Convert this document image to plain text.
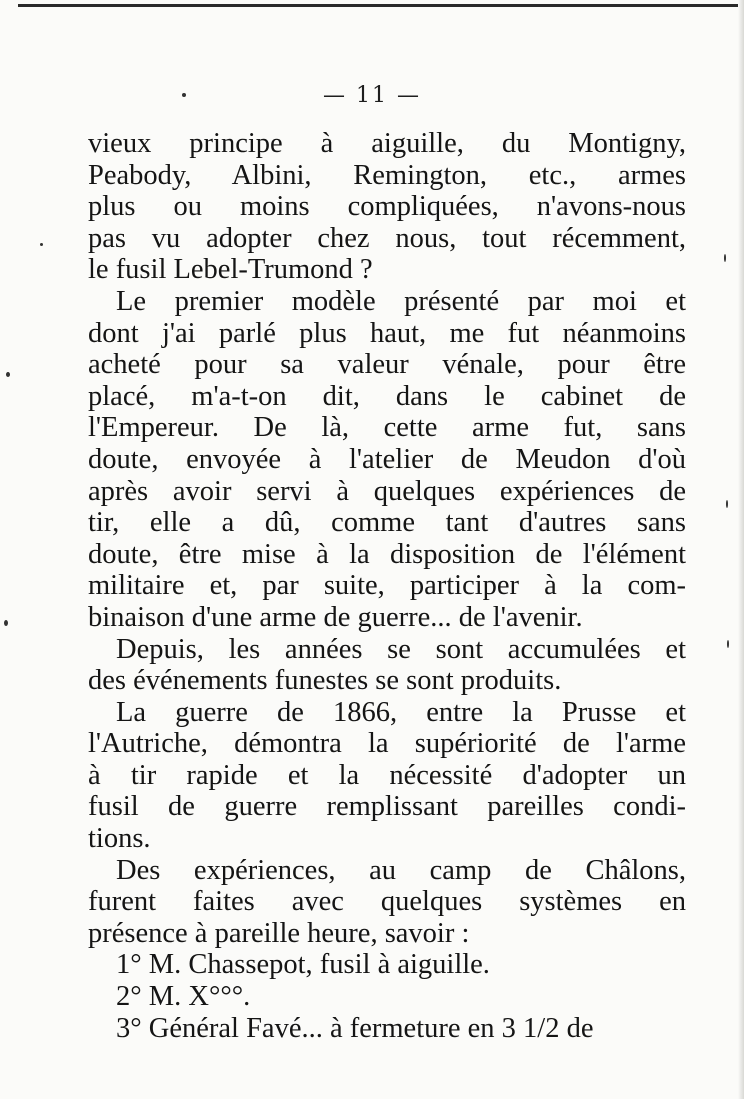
— 11 —
vieux principe à aiguille, du Montigny,
Peabody, Albini, Remington, etc., armes
plus ou moins compliquées, n'avons-nous
pas vu adopter chez nous, tout récemment,
le fusil Lebel-Trumond ?
Le premier modèle présenté par moi et
dont j'ai parlé plus haut, me fut néanmoins
acheté pour sa valeur vénale, pour être
placé, m'a-t-on dit, dans le cabinet de
l'Empereur. De là, cette arme fut, sans
doute, envoyée à l'atelier de Meudon d'où
après avoir servi à quelques expériences de
tir, elle a dû, comme tant d'autres sans
doute, être mise à la disposition de l'élément
militaire et, par suite, participer à la com-
binaison d'une arme de guerre... de l'avenir.
Depuis, les années se sont accumulées et
des événements funestes se sont produits.
La guerre de 1866, entre la Prusse et
l'Autriche, démontra la supériorité de l'arme
à tir rapide et la nécessité d'adopter un
fusil de guerre remplissant pareilles condi-
tions.
Des expériences, au camp de Châlons,
furent faites avec quelques systèmes en
présence à pareille heure, savoir :
1° M. Chassepot, fusil à aiguille.
2° M. X°°°.
3° Général Favé... à fermeture en 3 1/2 de
